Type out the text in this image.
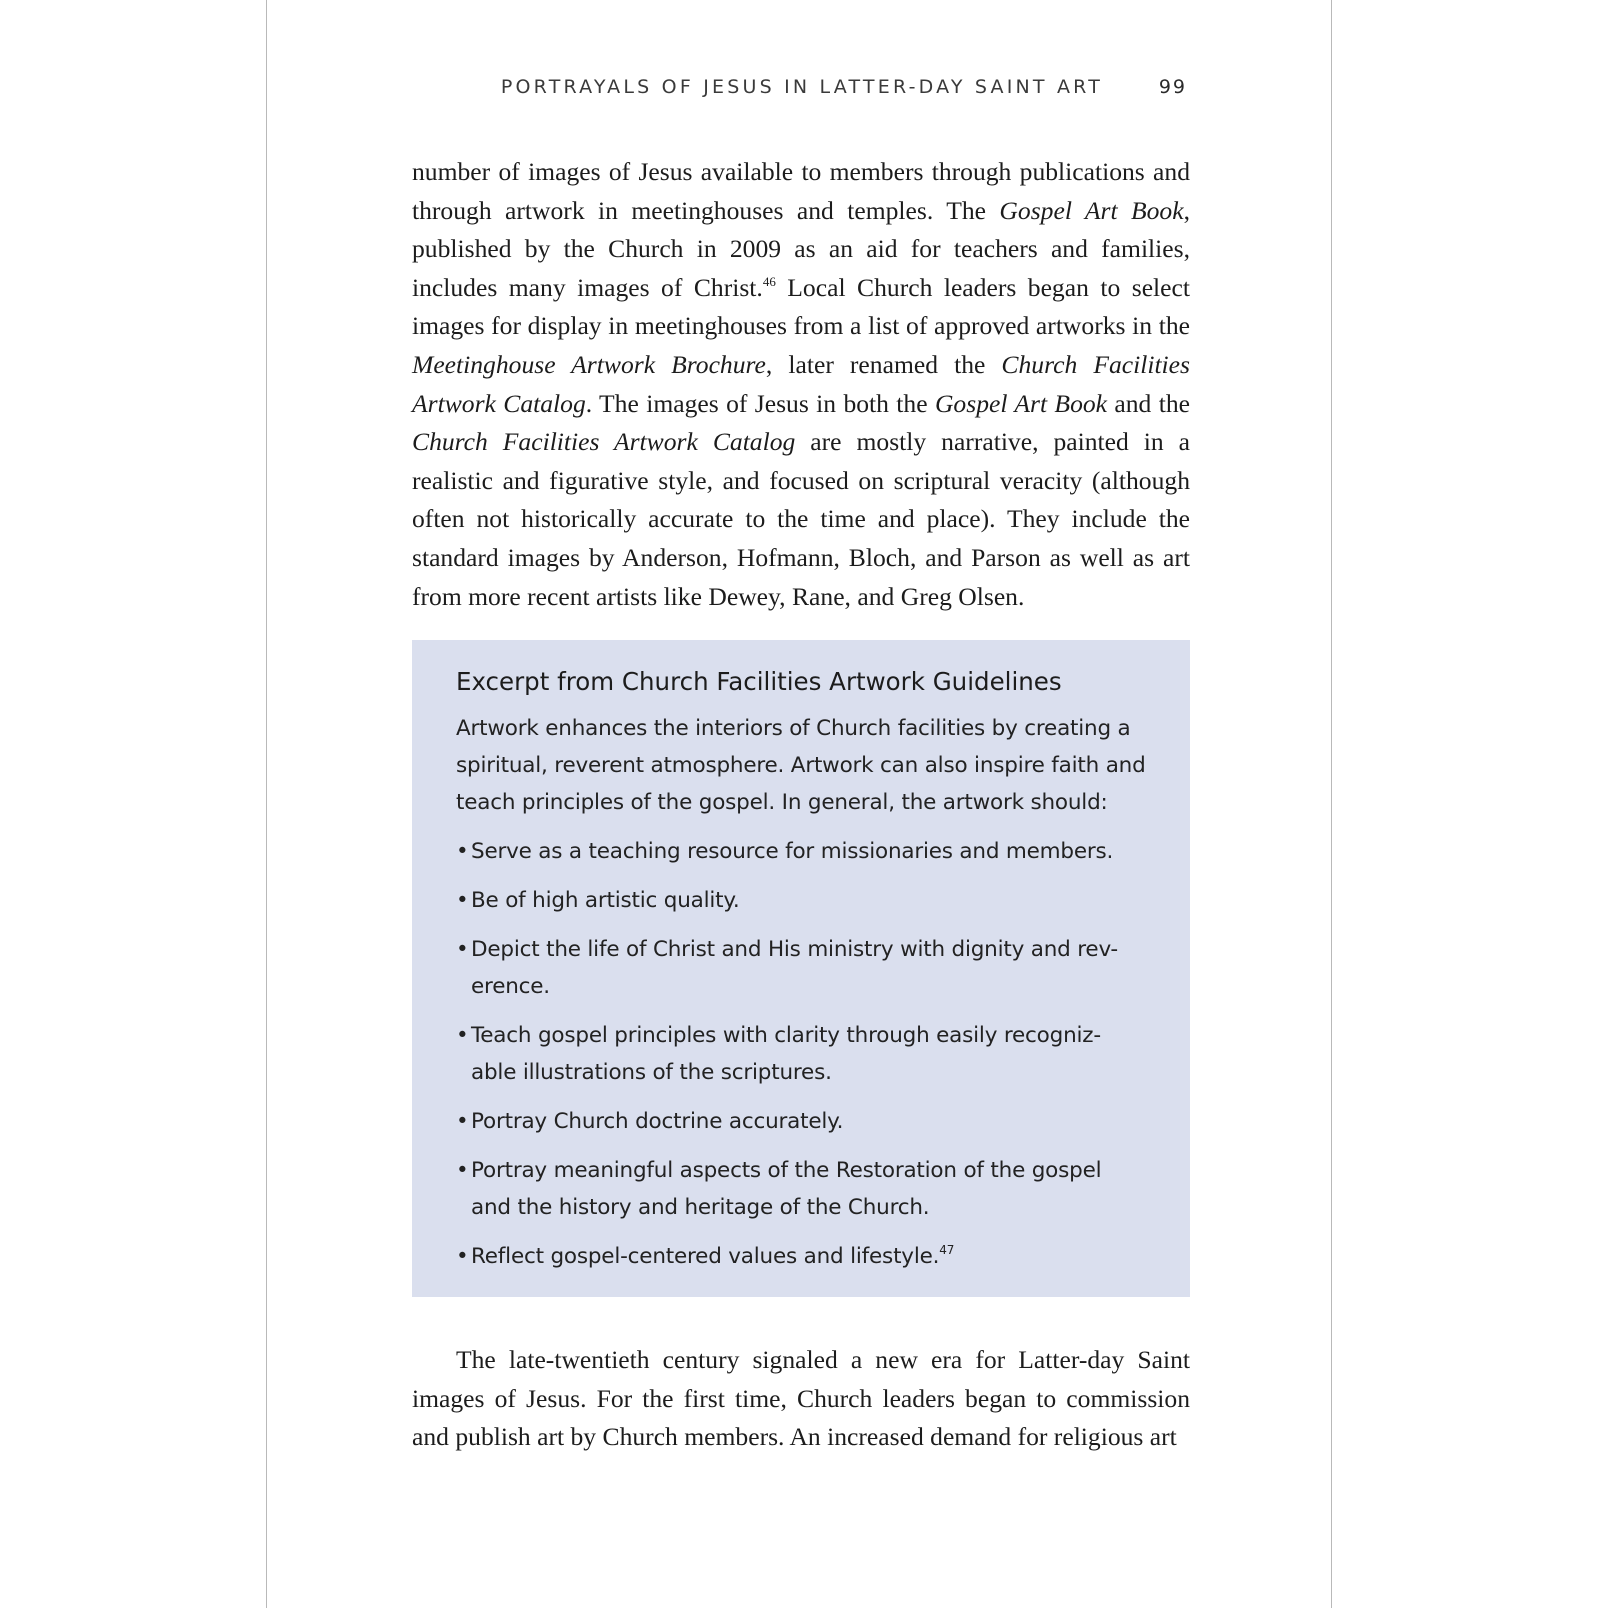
PORTRAYALS OF JESUS IN LATTER-DAY SAINT ART	99

number of images of Jesus available to members through publications and through artwork in meetinghouses and temples. The Gospel Art Book, published by the Church in 2009 as an aid for teachers and families, includes many images of Christ.$^{46}$ Local Church leaders began to select images for display in meetinghouses from a list of approved artworks in the Meetinghouse Artwork Brochure, later renamed the Church Facilities Artwork Catalog. The images of Jesus in both the Gospel Art Book and the Church Facilities Artwork Catalog are mostly narrative, painted in a realistic and figurative style, and focused on scriptural veracity (although often not historically accurate to the time and place). They include the standard images by Anderson, Hofmann, Bloch, and Parson as well as art from more recent artists like Dewey, Rane, and Greg Olsen.

Excerpt from Church Facilities Artwork Guidelines

Artwork enhances the interiors of Church facilities by creating a spiritual, reverent atmosphere. Artwork can also inspire faith and teach principles of the gospel. In general, the artwork should:

• Serve as a teaching resource for missionaries and members.
• Be of high artistic quality.
• Depict the life of Christ and His ministry with dignity and rev-erence.
• Teach gospel principles with clarity through easily recogniz-able illustrations of the scriptures.
• Portray Church doctrine accurately.
• Portray meaningful aspects of the Restoration of the gospel and the history and heritage of the Church.
• Reflect gospel-centered values and lifestyle.$^{47}$

The late-twentieth century signaled a new era for Latter-day Saint images of Jesus. For the first time, Church leaders began to commission and publish art by Church members. An increased demand for religious art
